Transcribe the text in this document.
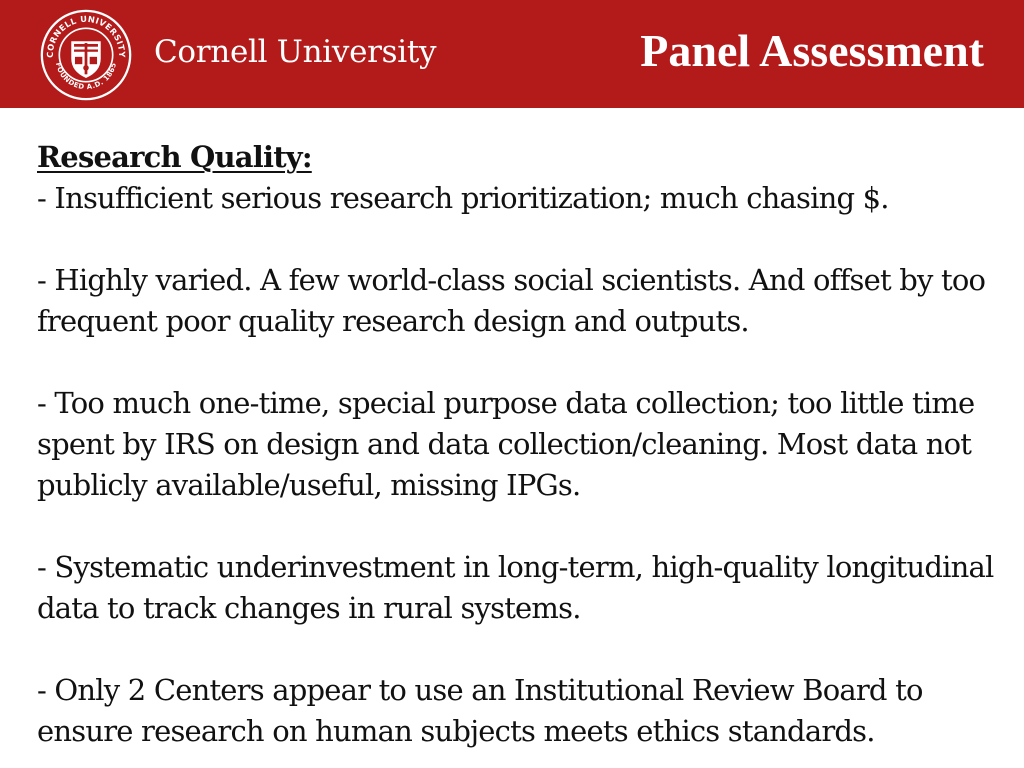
CORNELL UNIVERSITY
FOUNDED A.D. 1865 Cornell University	Panel Assessment
Research Quality:

- Insufficient serious research prioritization; much chasing $.

- Highly varied. A few world-class social scientists. And offset by too frequent poor quality research design and outputs.

- Too much one-time, special purpose data collection; too little time spent by IRS on design and data collection/cleaning. Most data not publicly available/useful, missing IPGs.

- Systematic underinvestment in long-term, high-quality longitudinal data to track changes in rural systems.

- Only 2 Centers appear to use an Institutional Review Board to ensure research on human subjects meets ethics standards.
